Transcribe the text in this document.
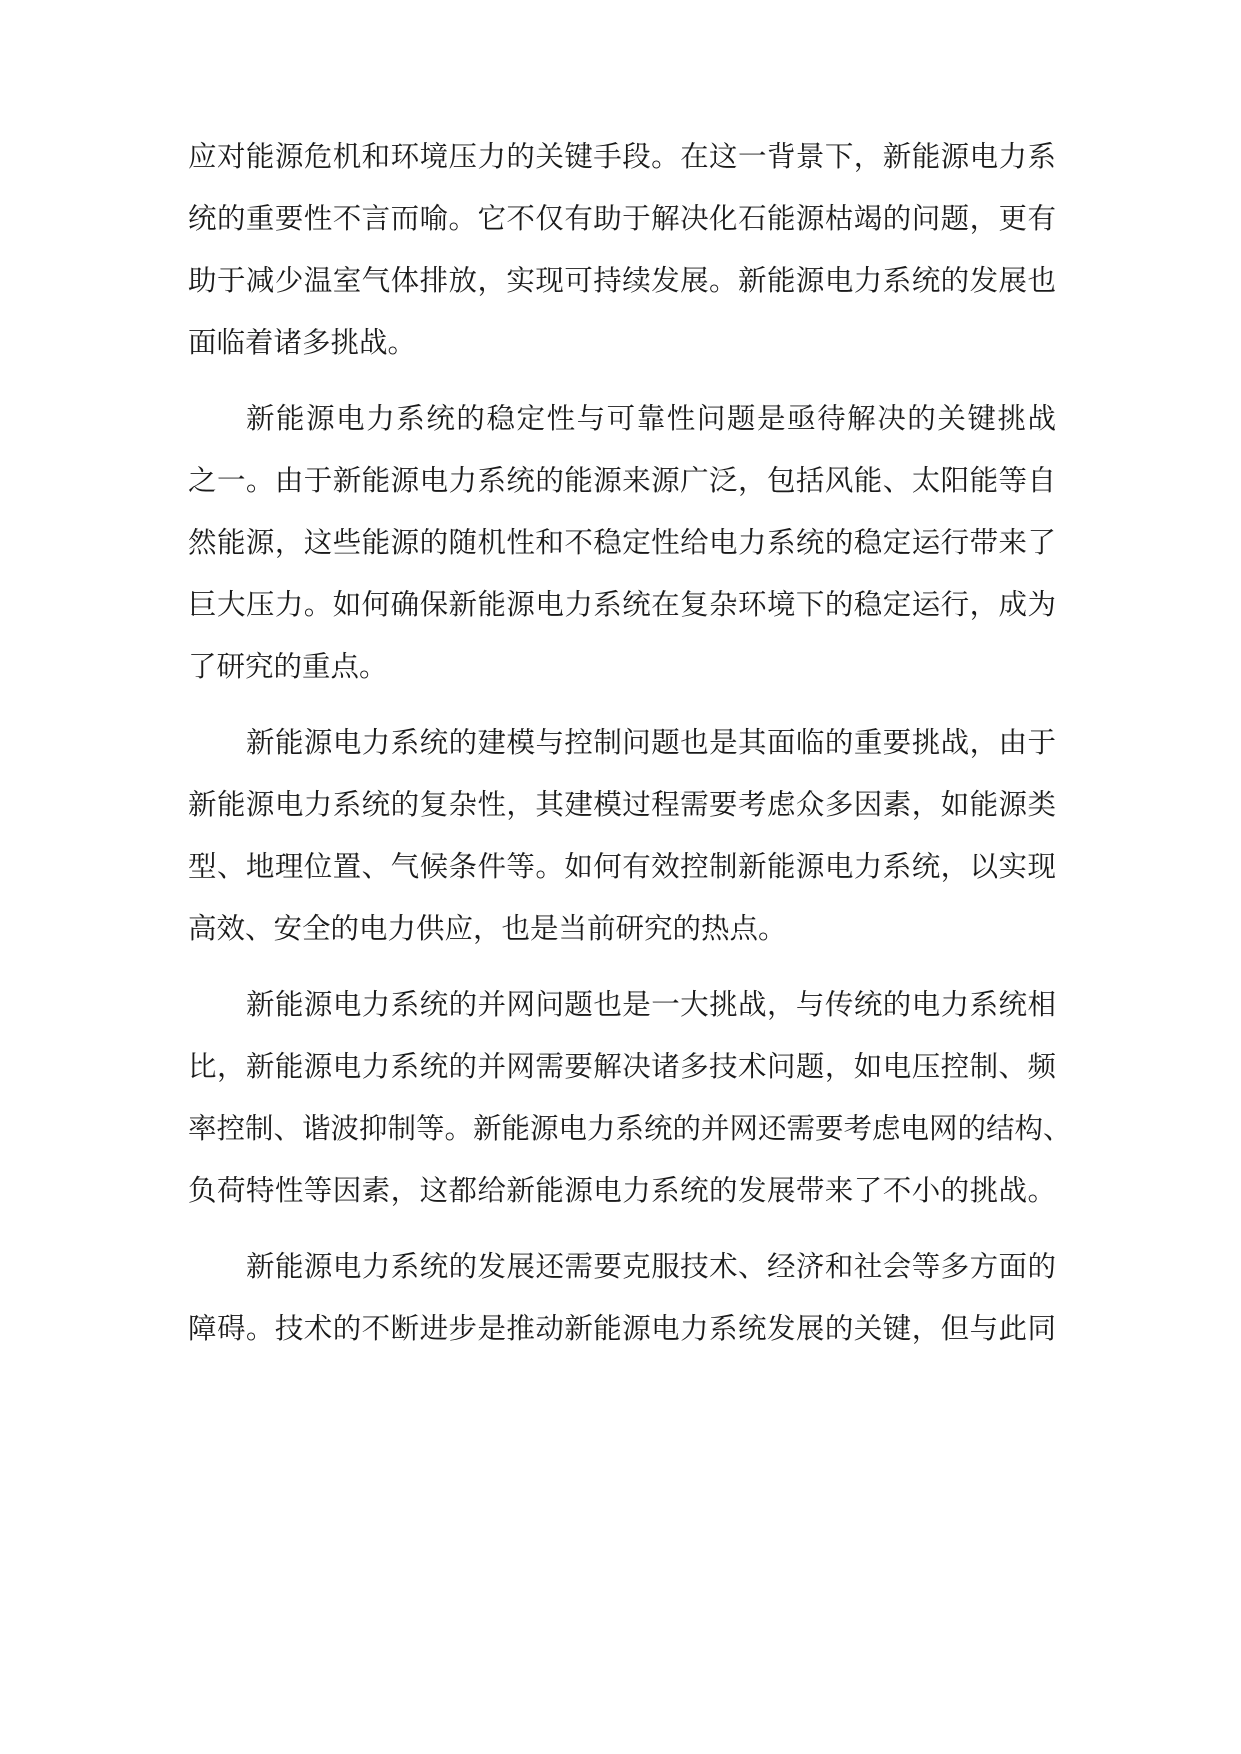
应对能源危机和环境压力的关键手段。在这一背景下，新能源电力系
统的重要性不言而喻。它不仅有助于解决化石能源枯竭的问题，更有
助于减少温室气体排放，实现可持续发展。新能源电力系统的发展也
面临着诸多挑战。
新能源电力系统的稳定性与可靠性问题是亟待解决的关键挑战
之一。由于新能源电力系统的能源来源广泛，包括风能、太阳能等自
然能源，这些能源的随机性和不稳定性给电力系统的稳定运行带来了
巨大压力。如何确保新能源电力系统在复杂环境下的稳定运行，成为
了研究的重点。
新能源电力系统的建模与控制问题也是其面临的重要挑战，由于
新能源电力系统的复杂性，其建模过程需要考虑众多因素，如能源类
型、地理位置、气候条件等。如何有效控制新能源电力系统，以实现
高效、安全的电力供应，也是当前研究的热点。
新能源电力系统的并网问题也是一大挑战，与传统的电力系统相
比，新能源电力系统的并网需要解决诸多技术问题，如电压控制、频
率控制、谐波抑制等。新能源电力系统的并网还需要考虑电网的结构、
负荷特性等因素，这都给新能源电力系统的发展带来了不小的挑战。
新能源电力系统的发展还需要克服技术、经济和社会等多方面的
障碍。技术的不断进步是推动新能源电力系统发展的关键，但与此同
